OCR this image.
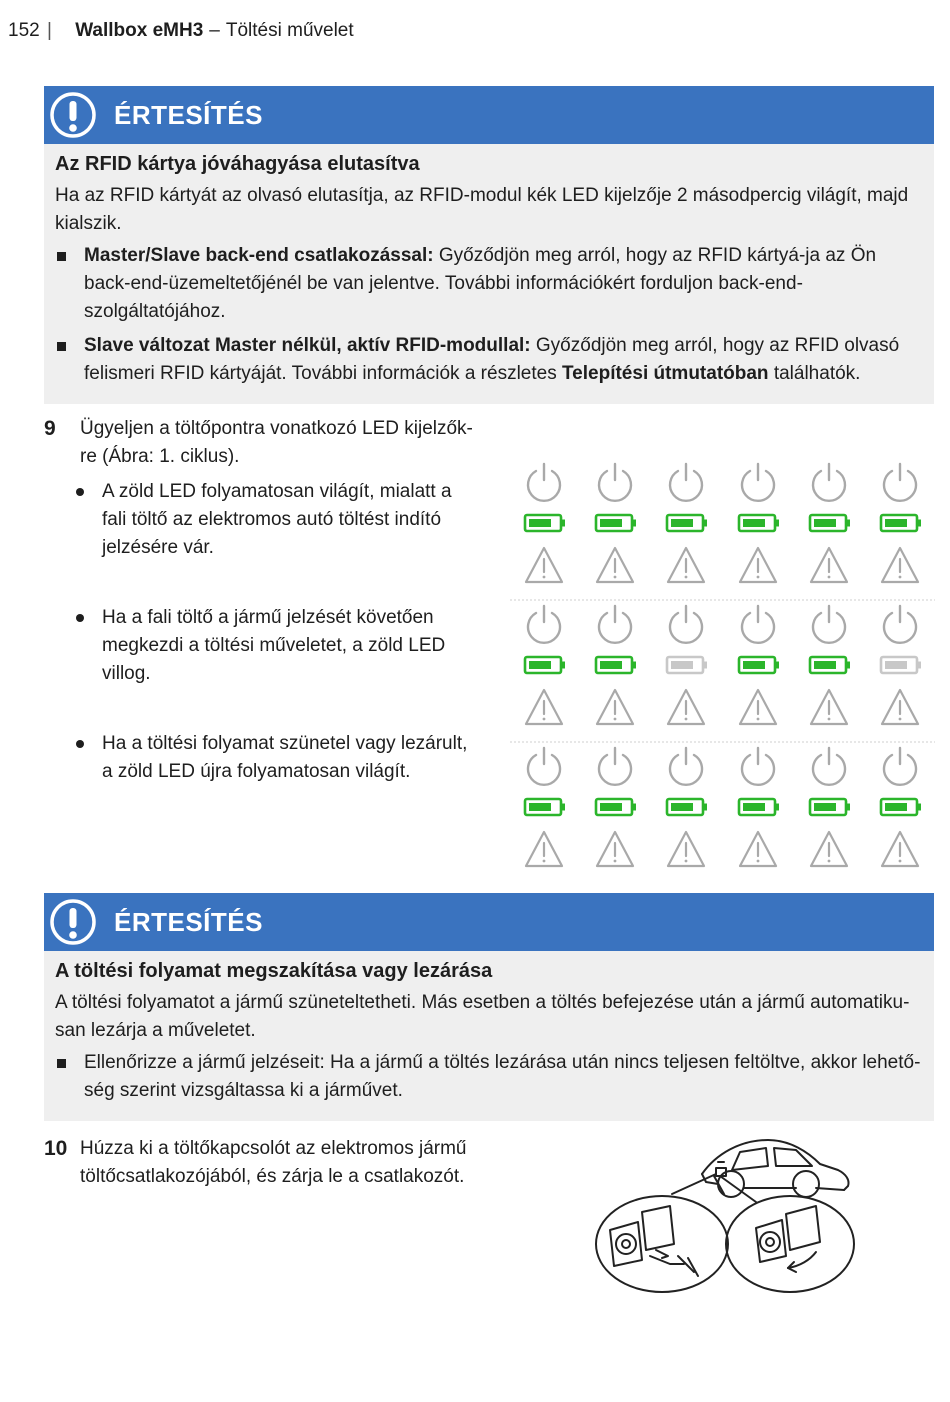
152 | Wallbox eMH3 – Töltési művelet
ÉRTESÍTÉS
Az RFID kártya jóváhagyása elutasítva

Ha az RFID kártyát az olvasó elutasítja, az RFID-modul kék LED kijelzője 2 másodpercig világít, majd kialszik.

Master/Slave back-end csatlakozással: Győződjön meg arról, hogy az RFID kártyá-ja az Ön back-end-üzemeltetőjénél be van jelentve. További információkért forduljon back-end-szolgáltatójához.
Slave változat Master nélkül, aktív RFID-modullal: Győződjön meg arról, hogy az RFID olvasó felismeri RFID kártyáját. További információk a részletes Telepítési útmutatóban találhatók.
9 Ügyeljen a töltőpontra vonatkozó LED kijelzők-re (Ábra: 1. ciklus).
A zöld LED folyamatosan világít, mialatt a fali töltő az elektromos autó töltést indító jelzésére vár.
Ha a fali töltő a jármű jelzését követően megkezdi a töltési műveletet, a zöld LED villog.
Ha a töltési folyamat szünetel vagy lezárult, a zöld LED újra folyamatosan világít.
ÉRTESÍTÉS
A töltési folyamat megszakítása vagy lezárása

A töltési folyamatot a jármű szüneteltetheti. Más esetben a töltés befejezése után a jármű automatiku-san lezárja a műveletet.

Ellenőrizze a jármű jelzéseit: Ha a jármű a töltés lezárása után nincs teljesen feltöltve, akkor lehető-ség szerint vizsgáltassa ki a járművet.
10 Húzza ki a töltőkapcsolót az elektromos jármű töltőcsatlakozójából, és zárja le a csatlakozót.
